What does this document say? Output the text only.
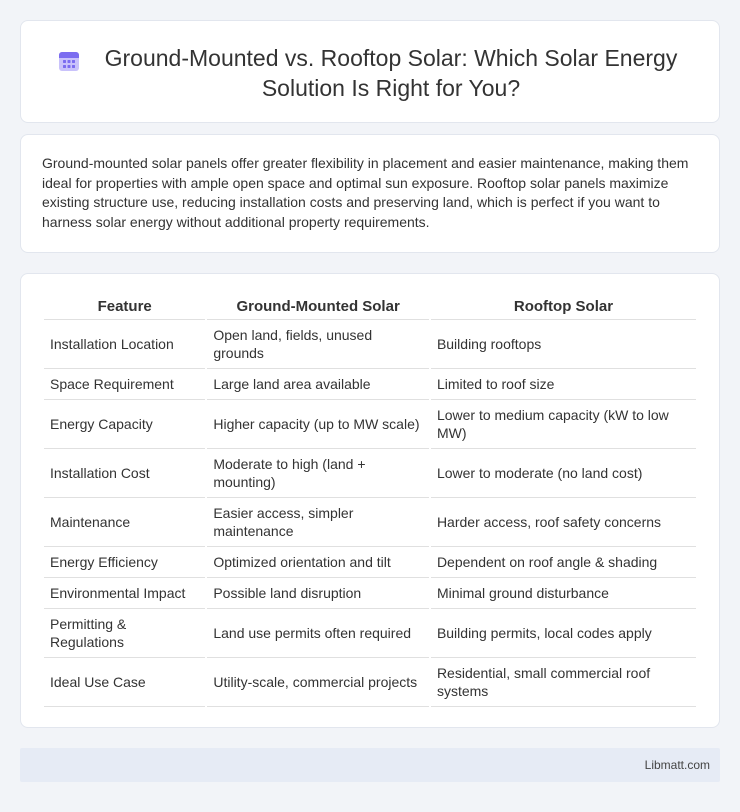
Ground-Mounted vs. Rooftop Solar: Which Solar Energy Solution Is Right for You?

Ground-mounted solar panels offer greater flexibility in placement and easier maintenance, making them ideal for properties with ample open space and optimal sun exposure. Rooftop solar panels maximize existing structure use, reducing installation costs and preserving land, which is perfect if you want to harness solar energy without additional property requirements.

Feature	Ground-Mounted Solar	Rooftop Solar
Installation Location	Open land, fields, unused grounds	Building rooftops
Space Requirement	Large land area available	Limited to roof size
Energy Capacity	Higher capacity (up to MW scale)	Lower to medium capacity (kW to low MW)
Installation Cost	Moderate to high (land + mounting)	Lower to moderate (no land cost)
Maintenance	Easier access, simpler maintenance	Harder access, roof safety concerns
Energy Efficiency	Optimized orientation and tilt	Dependent on roof angle & shading
Environmental Impact	Possible land disruption	Minimal ground disturbance
Permitting & Regulations	Land use permits often required	Building permits, local codes apply
Ideal Use Case	Utility-scale, commercial projects	Residential, small commercial roof systems
Libmatt.com
